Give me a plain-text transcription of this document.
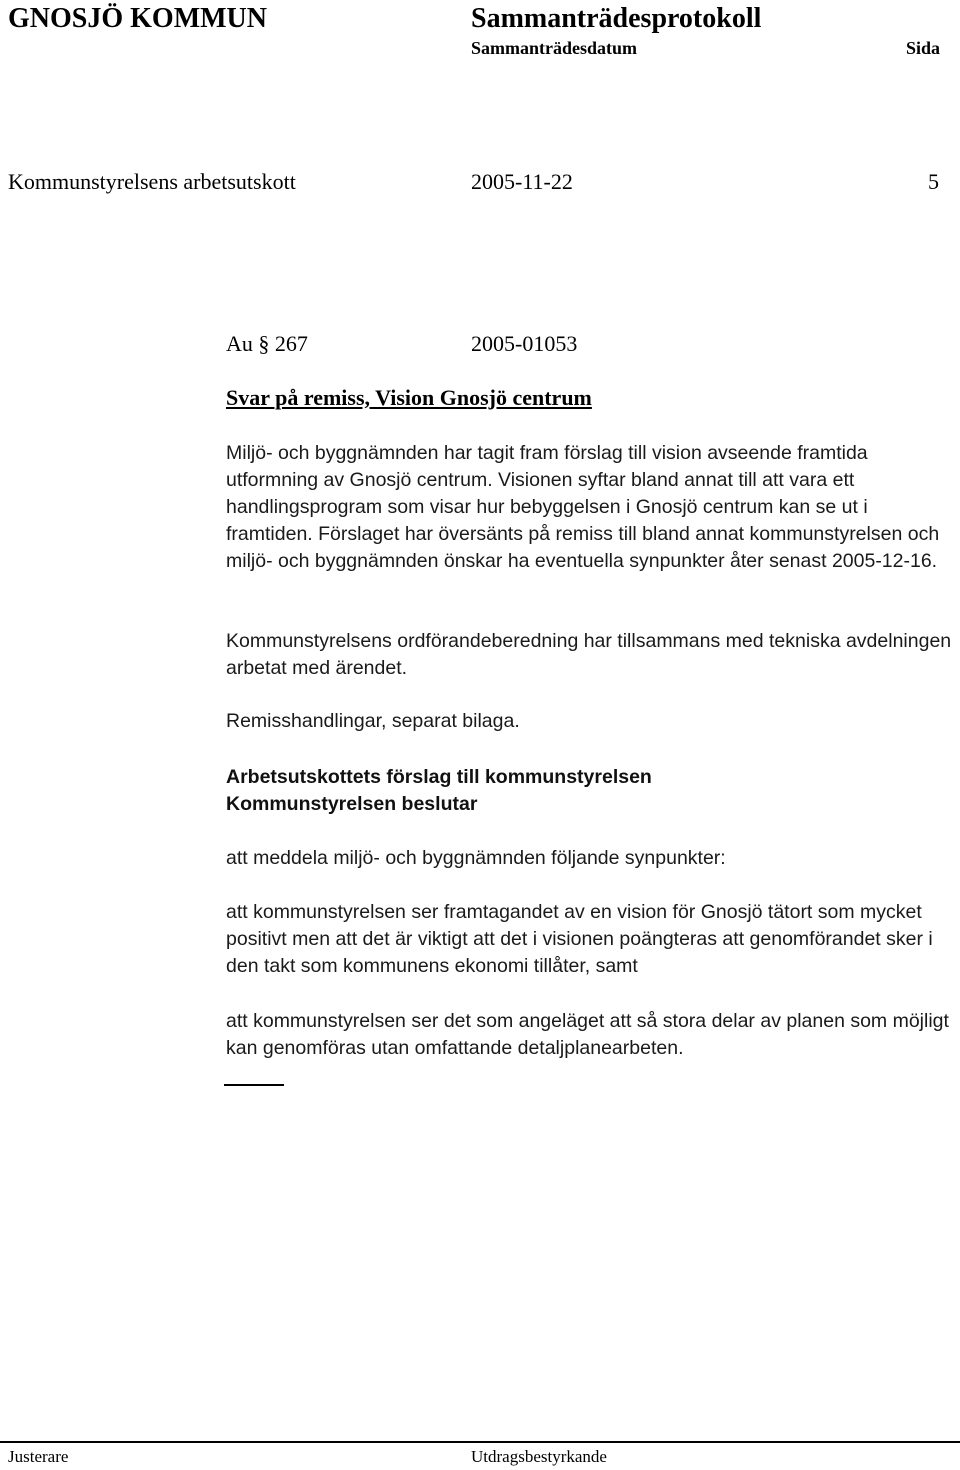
GNOSJÖ KOMMUN	Sammanträdesprotokoll
Sammanträdesdatum	Sida
Kommunstyrelsens arbetsutskott	2005-11-22	5
Au § 267	2005-01053
Svar på remiss, Vision Gnosjö centrum

Miljö- och byggnämnden har tagit fram förslag till vision avseende framtida utformning av Gnosjö centrum. Visionen syftar bland annat till att vara ett handlingsprogram som visar hur bebyggelsen i Gnosjö centrum kan se ut i framtiden. Förslaget har översänts på remiss till bland annat kommunstyrelsen och miljö- och byggnämnden önskar ha eventuella synpunkter åter senast 2005-12-16.

Kommunstyrelsens ordförandeberedning har tillsammans med tekniska avdelningen arbetat med ärendet.

Remisshandlingar, separat bilaga.

Arbetsutskottets förslag till kommunstyrelsen

Kommunstyrelsen beslutar

att meddela miljö- och byggnämnden följande synpunkter:

att kommunstyrelsen ser framtagandet av en vision för Gnosjö tätort som mycket positivt men att det är viktigt att det i visionen poängteras att genomförandet sker i den takt som kommunens ekonomi tillåter, samt

att kommunstyrelsen ser det som angeläget att så stora delar av planen som möjligt kan genomföras utan omfattande detaljplanearbeten.

Justerare	Utdragsbestyrkande
